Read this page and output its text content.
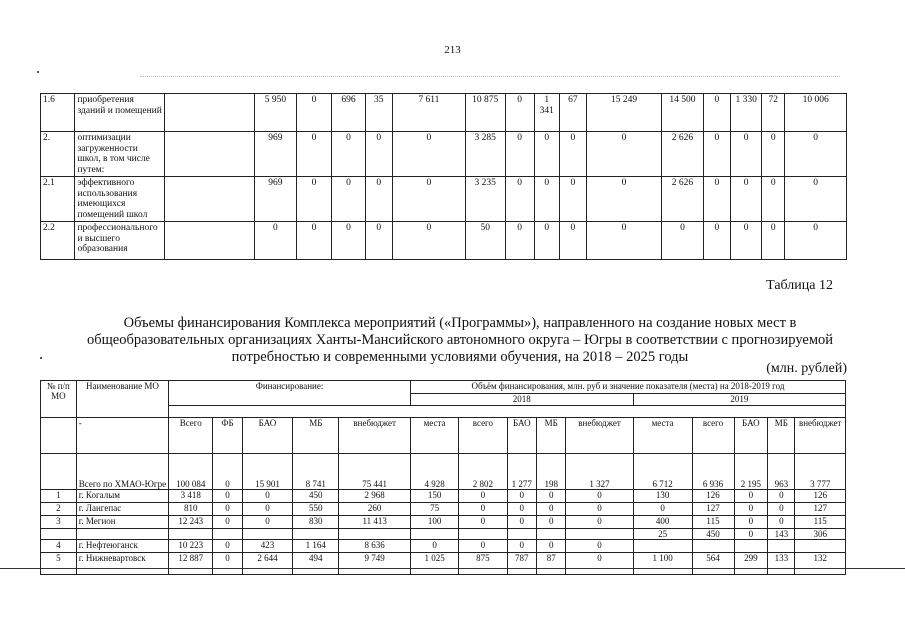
213
1.6	приобретения зданий и помещений		5 950	0	696	35	7 611	10 875	0	1 341	67	15 249	14 500	0	1 330	72	10 006
2.	оптимизации загруженности школ, в том числе путем:		969	0	0	0	0	3 285	0	0	0	0	2 626	0	0	0	0
2.1	эффективного использования имеющихся помещений школ		969	0	0	0	0	3 235	0	0	0	0	2 626	0	0	0	0
2.2	профессионального и высшего образования		0	0	0	0	0	50	0	0	0	0	0	0	0	0	0
Таблица 12
Объемы финансирования Комплекса мероприятий («Программы»), направленного на создание новых мест в
общеобразовательных организациях Ханты-Мансийского автономного округа – Югры в соответствии с прогнозируемой
потребностью и современными условиями обучения, на 2018 – 2025 годы
(млн. рублей)
№ п/п МО	Наименование МО	Финансирование:					Объём финансирования, млн. руб и значение показателя (места) на 2018-2019 год									
							2018					2019				

	-	Всего	ФБ	БАО	МБ	внебюджет	места	всего	БАО	МБ	внебюджет	места	всего	БАО	МБ	внебюджет
	Всего по ХМАО-Югре	100 084	0	15 901	8 741	75 441	4 928	2 802	1 277	198	1 327	6 712	6 936	2 195	963	3 777
1	г. Когалым	3 418	0	0	450	2 968	150	0	0	0	0	130	126	0	0	126
2	г. Лангепас	810	0	0	550	260	75	0	0	0	0	0	127	0	0	127
3	г. Мегион	12 243	0	0	830	11 413	100	0	0	0	0	400	115	0	0	115
												25	450	0	143	306
4	г. Нефтеюганск	10 223	0	423	1 164	8 636	0	0	0	0	0					
5	г. Нижневартовск	12 887	0	2 644	494	9 749	1 025	875	787	87	0	1 100	564	299	133	132
